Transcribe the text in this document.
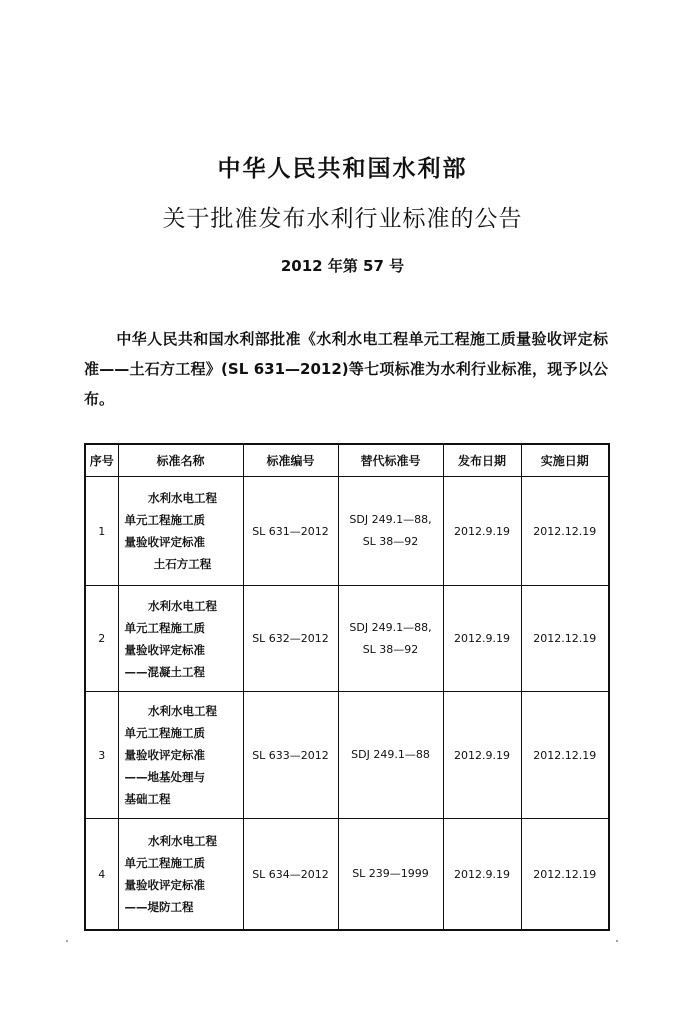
中华人民共和国水利部
关于批准发布水利行业标准的公告
2012 年第 57 号
中华人民共和国水利部批准《水利水电工程单元工程施工质量验收评定标准——土石方工程》(SL 631—2012)等七项标准为水利行业标准，现予以公布。
序号	标准名称	标准编号	替代标准号	发布日期	实施日期
1	水利水电工程
单元工程施工质
量验收评定标准
土石方工程	SL 631—2012	SDJ 249.1—88,
SL 38—92	2012.9.19	2012.12.19
2	水利水电工程
单元工程施工质
量验收评定标准
——混凝土工程	SL 632—2012	SDJ 249.1—88,
SL 38—92	2012.9.19	2012.12.19
3	水利水电工程
单元工程施工质
量验收评定标准
——地基处理与
基础工程	SL 633—2012	SDJ 249.1—88	2012.9.19	2012.12.19
4	水利水电工程
单元工程施工质
量验收评定标准
——堤防工程	SL 634—2012	SL 239—1999	2012.9.19	2012.12.19
